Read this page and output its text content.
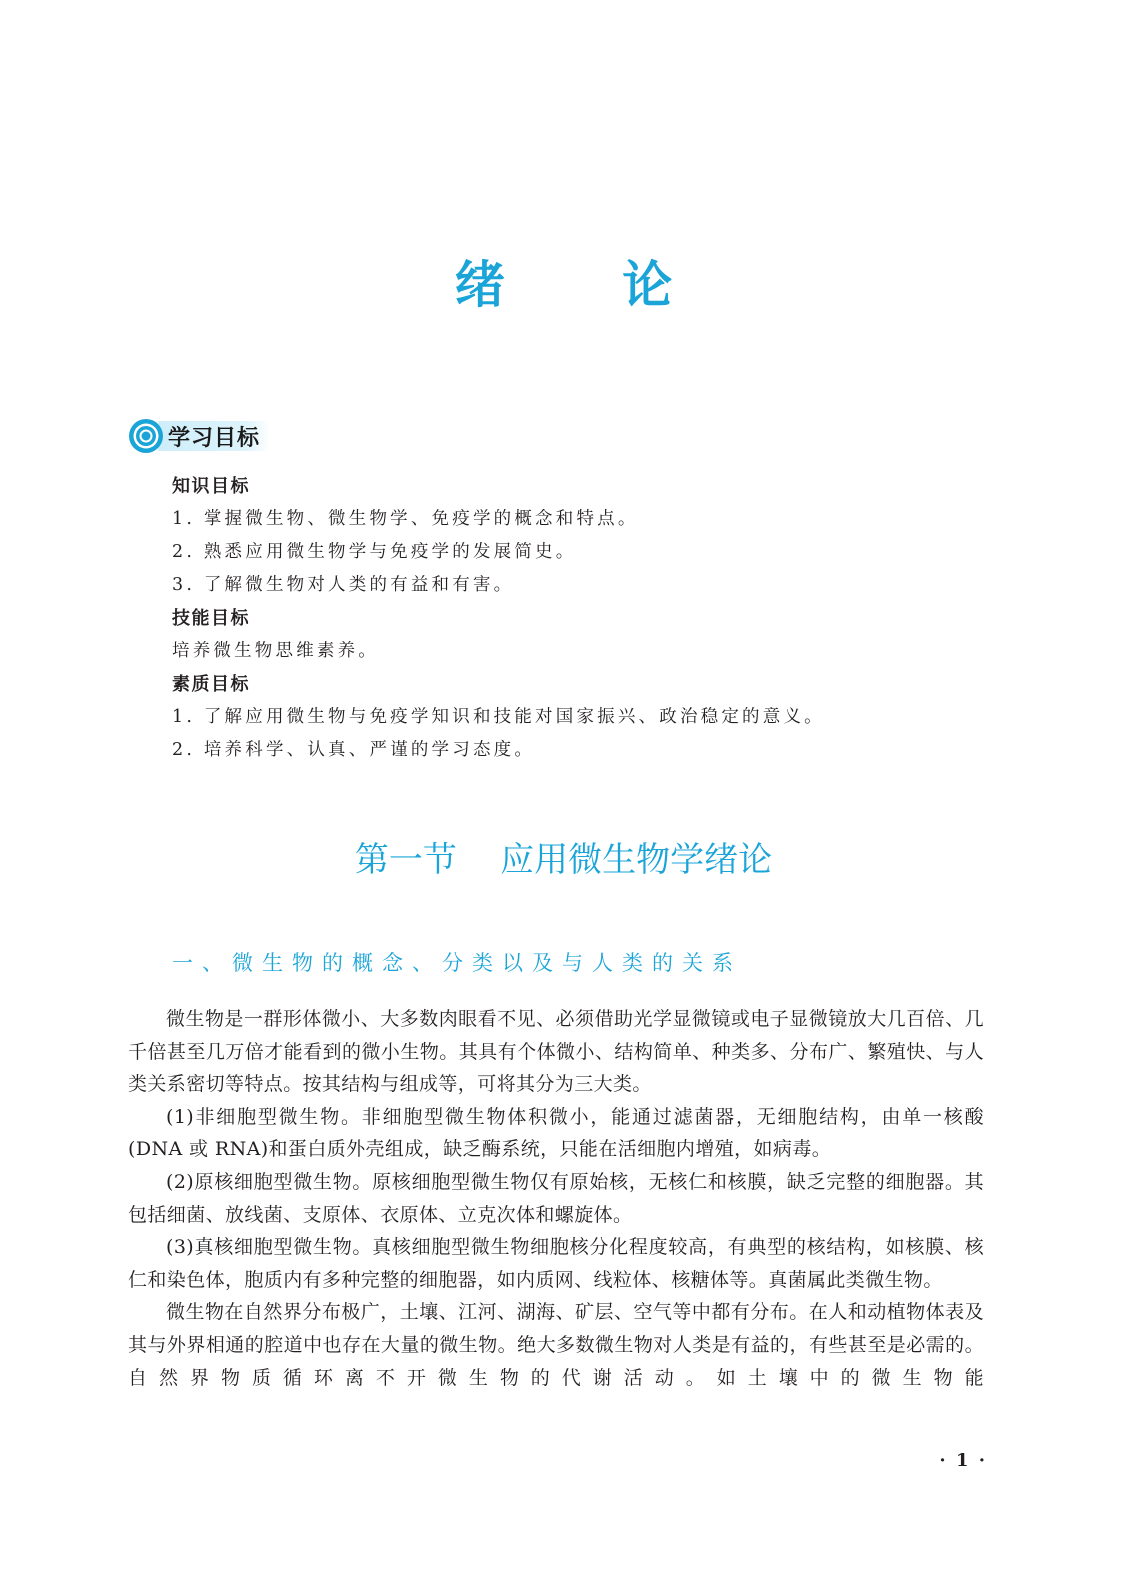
绪 论
学习目标
知识目标
1. 掌握微生物、微生物学、免疫学的概念和特点。
2. 熟悉应用微生物学与免疫学的发展简史。
3. 了解微生物对人类的有益和有害。
技能目标
培养微生物思维素养。
素质目标
1. 了解应用微生物与免疫学知识和技能对国家振兴、政治稳定的意义。
2. 培养科学、认真、严谨的学习态度。
第一节    应用微生物学绪论
一、微生物的概念、分类以及与人类的关系

微生物是一群形体微小、大多数肉眼看不见、必须借助光学显微镜或电子显微镜放大几百倍、几千倍甚至几万倍才能看到的微小生物。其具有个体微小、结构简单、种类多、分布广、繁殖快、与人类关系密切等特点。按其结构与组成等，可将其分为三大类。

(1)非细胞型微生物。非细胞型微生物体积微小，能通过滤菌器，无细胞结构，由单一核酸(DNA 或 RNA)和蛋白质外壳组成，缺乏酶系统，只能在活细胞内增殖，如病毒。

(2)原核细胞型微生物。原核细胞型微生物仅有原始核，无核仁和核膜，缺乏完整的细胞器。其包括细菌、放线菌、支原体、衣原体、立克次体和螺旋体。

(3)真核细胞型微生物。真核细胞型微生物细胞核分化程度较高，有典型的核结构，如核膜、核仁和染色体，胞质内有多种完整的细胞器，如内质网、线粒体、核糖体等。真菌属此类微生物。

微生物在自然界分布极广，土壤、江河、湖海、矿层、空气等中都有分布。在人和动植物体表及其与外界相通的腔道中也存在大量的微生物。绝大多数微生物对人类是有益的，有些甚至是必需的。自然界物质循环离不开微生物的代谢活动。如土壤中的微生物能

· 1 ·
